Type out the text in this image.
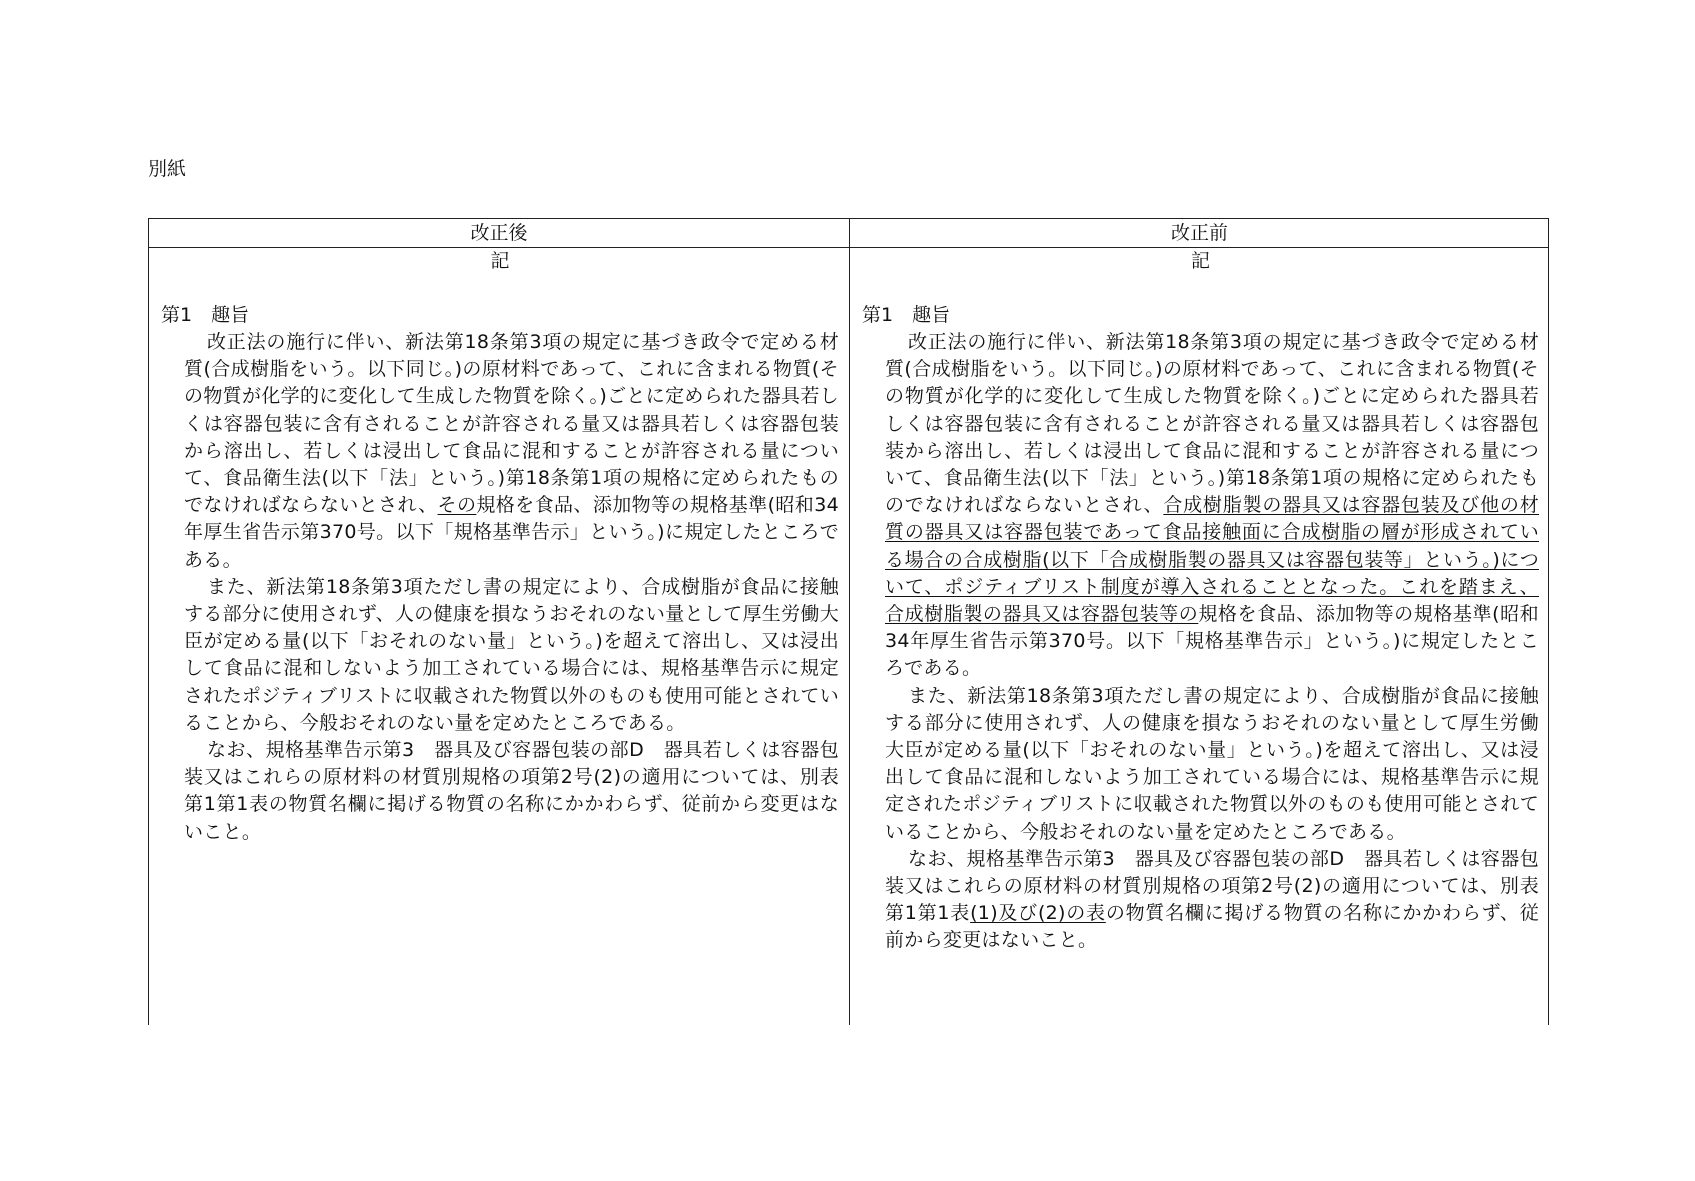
別紙
改正後	改正前
記
第1　趣旨

改正法の施行に伴い、新法第18条第3項の規定に基づき政令で定める材質(合成樹脂をいう。以下同じ。)の原材料であって、これに含まれる物質(その物質が化学的に変化して生成した物質を除く。)ごとに定められた器具若しくは容器包装に含有されることが許容される量又は器具若しくは容器包装から溶出し、若しくは浸出して食品に混和することが許容される量について、食品衛生法(以下「法」という。)第18条第1項の規格に定められたものでなければならないとされ、その規格を食品、添加物等の規格基準(昭和34年厚生省告示第370号。以下「規格基準告示」という。)に規定したところである。

また、新法第18条第3項ただし書の規定により、合成樹脂が食品に接触する部分に使用されず、人の健康を損なうおそれのない量として厚生労働大臣が定める量(以下「おそれのない量」という。)を超えて溶出し、又は浸出して食品に混和しないよう加工されている場合には、規格基準告示に規定されたポジティブリストに収載された物質以外のものも使用可能とされていることから、今般おそれのない量を定めたところである。

なお、規格基準告示第3　器具及び容器包装の部D　器具若しくは容器包装又はこれらの原材料の材質別規格の項第2号(2)の適用については、別表第1第1表の物質名欄に掲げる物質の名称にかかわらず、従前から変更はないこと。

記
第1　趣旨

改正法の施行に伴い、新法第18条第3項の規定に基づき政令で定める材質(合成樹脂をいう。以下同じ。)の原材料であって、これに含まれる物質(その物質が化学的に変化して生成した物質を除く。)ごとに定められた器具若しくは容器包装に含有されることが許容される量又は器具若しくは容器包装から溶出し、若しくは浸出して食品に混和することが許容される量について、食品衛生法(以下「法」という。)第18条第1項の規格に定められたものでなければならないとされ、合成樹脂製の器具又は容器包装及び他の材質の器具又は容器包装であって食品接触面に合成樹脂の層が形成されている場合の合成樹脂(以下「合成樹脂製の器具又は容器包装等」という。)について、ポジティブリスト制度が導入されることとなった。これを踏まえ、合成樹脂製の器具又は容器包装等の規格を食品、添加物等の規格基準(昭和34年厚生省告示第370号。以下「規格基準告示」という。)に規定したところである。

また、新法第18条第3項ただし書の規定により、合成樹脂が食品に接触する部分に使用されず、人の健康を損なうおそれのない量として厚生労働大臣が定める量(以下「おそれのない量」という。)を超えて溶出し、又は浸出して食品に混和しないよう加工されている場合には、規格基準告示に規定されたポジティブリストに収載された物質以外のものも使用可能とされていることから、今般おそれのない量を定めたところである。

なお、規格基準告示第3　器具及び容器包装の部D　器具若しくは容器包装又はこれらの原材料の材質別規格の項第2号(2)の適用については、別表第1第1表(1)及び(2)の表の物質名欄に掲げる物質の名称にかかわらず、従前から変更はないこと。
